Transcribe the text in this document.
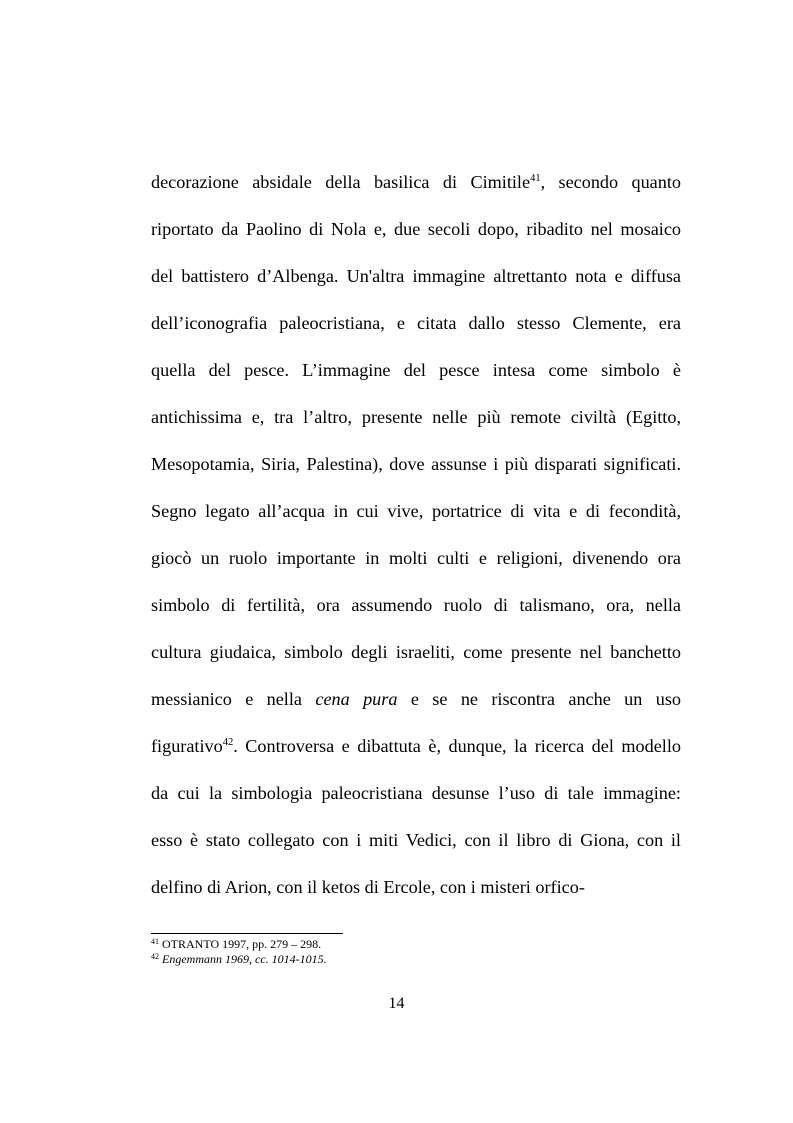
decorazione absidale della basilica di Cimitile$^{41}$, secondo quanto
riportato da Paolino di Nola e, due secoli dopo, ribadito nel mosaico
del battistero d’Albenga. Un'altra immagine altrettanto nota e diffusa
dell’iconografia paleocristiana, e citata dallo stesso Clemente, era
quella del pesce. L’immagine del pesce intesa come simbolo è
antichissima e, tra l’altro, presente nelle più remote civiltà (Egitto,
Mesopotamia, Siria, Palestina), dove assunse i più disparati significati.
Segno legato all’acqua in cui vive, portatrice di vita e di fecondità,
giocò un ruolo importante in molti culti e religioni, divenendo ora
simbolo di fertilità, ora assumendo ruolo di talismano, ora, nella
cultura giudaica, simbolo degli israeliti, come presente nel banchetto
messianico e nella cena pura e se ne riscontra anche un uso
figurativo$^{42}$. Controversa e dibattuta è, dunque, la ricerca del modello
da cui la simbologia paleocristiana desunse l’uso di tale immagine:
esso è stato collegato con i miti Vedici, con il libro di Giona, con il
delfino di Arion, con il ketos di Ercole, con i misteri orfico-
$^{41}$ OTRANTO 1997, pp. 279 – 298.
$^{42}$ Engemmann 1969, cc. 1014-1015.
14
